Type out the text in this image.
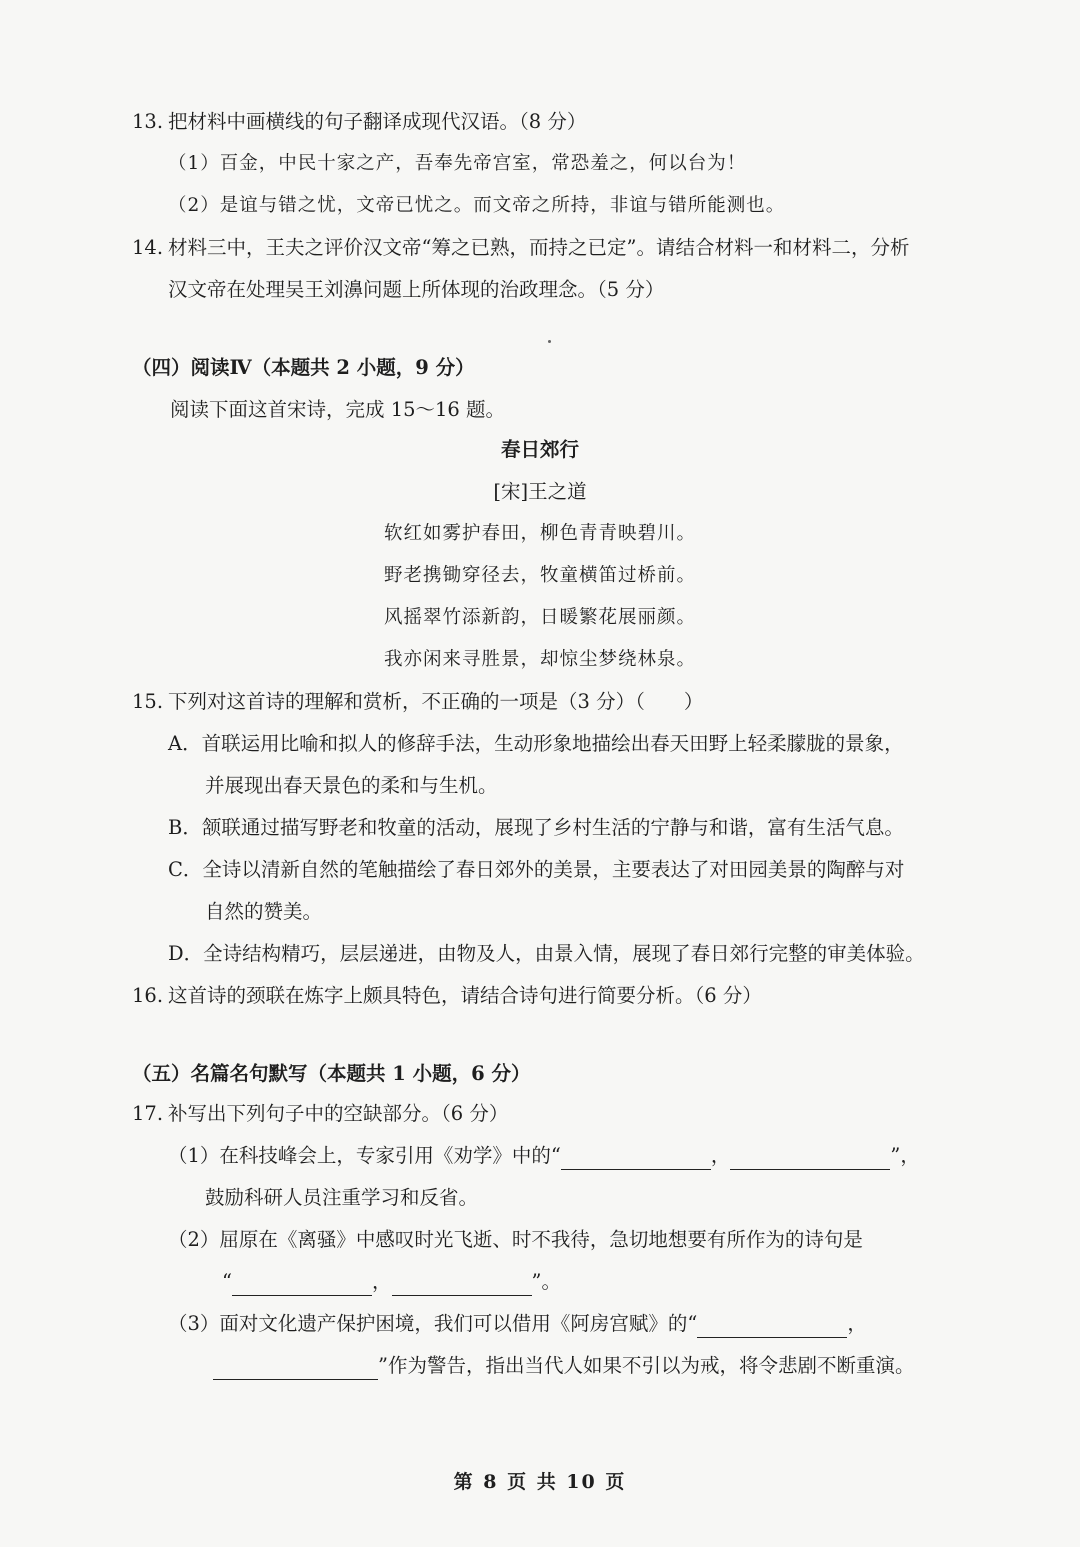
13. 把材料中画横线的句子翻译成现代汉语。（8 分）
（1）百金，中民十家之产，吾奉先帝宫室，常恐羞之，何以台为！
（2）是谊与错之忧，文帝已忧之。而文帝之所持，非谊与错所能测也。
14. 材料三中，王夫之评价汉文帝“筹之已熟，而持之已定”。请结合材料一和材料二，分析
汉文帝在处理吴王刘濞问题上所体现的治政理念。（5 分）
（四）阅读Ⅳ（本题共 2 小题，9 分）
阅读下面这首宋诗，完成 15～16 题。
春日郊行
[宋]王之道
软红如雾护春田，柳色青青映碧川。
野老携锄穿径去，牧童横笛过桥前。
风摇翠竹添新韵，日暖繁花展丽颜。
我亦闲来寻胜景，却惊尘梦绕林泉。
15. 下列对这首诗的理解和赏析，不正确的一项是（3 分）（　　）
A．首联运用比喻和拟人的修辞手法，生动形象地描绘出春天田野上轻柔朦胧的景象，
并展现出春天景色的柔和与生机。
B．颔联通过描写野老和牧童的活动，展现了乡村生活的宁静与和谐，富有生活气息。
C．全诗以清新自然的笔触描绘了春日郊外的美景，主要表达了对田园美景的陶醉与对
自然的赞美。
D．全诗结构精巧，层层递进，由物及人，由景入情，展现了春日郊行完整的审美体验。
16. 这首诗的颈联在炼字上颇具特色，请结合诗句进行简要分析。（6 分）
（五）名篇名句默写（本题共 1 小题，6 分）
17. 补写出下列句子中的空缺部分。（6 分）
（1）在科技峰会上，专家引用《劝学》中的“	，	”，
鼓励科研人员注重学习和反省。
（2）屈原在《离骚》中感叹时光飞逝、时不我待，急切地想要有所作为的诗句是
“	，	”。
（3）面对文化遗产保护困境，我们可以借用《阿房宫赋》的“	，
”作为警告，指出当代人如果不引以为戒，将令悲剧不断重演。
第 8 页 共 10 页
